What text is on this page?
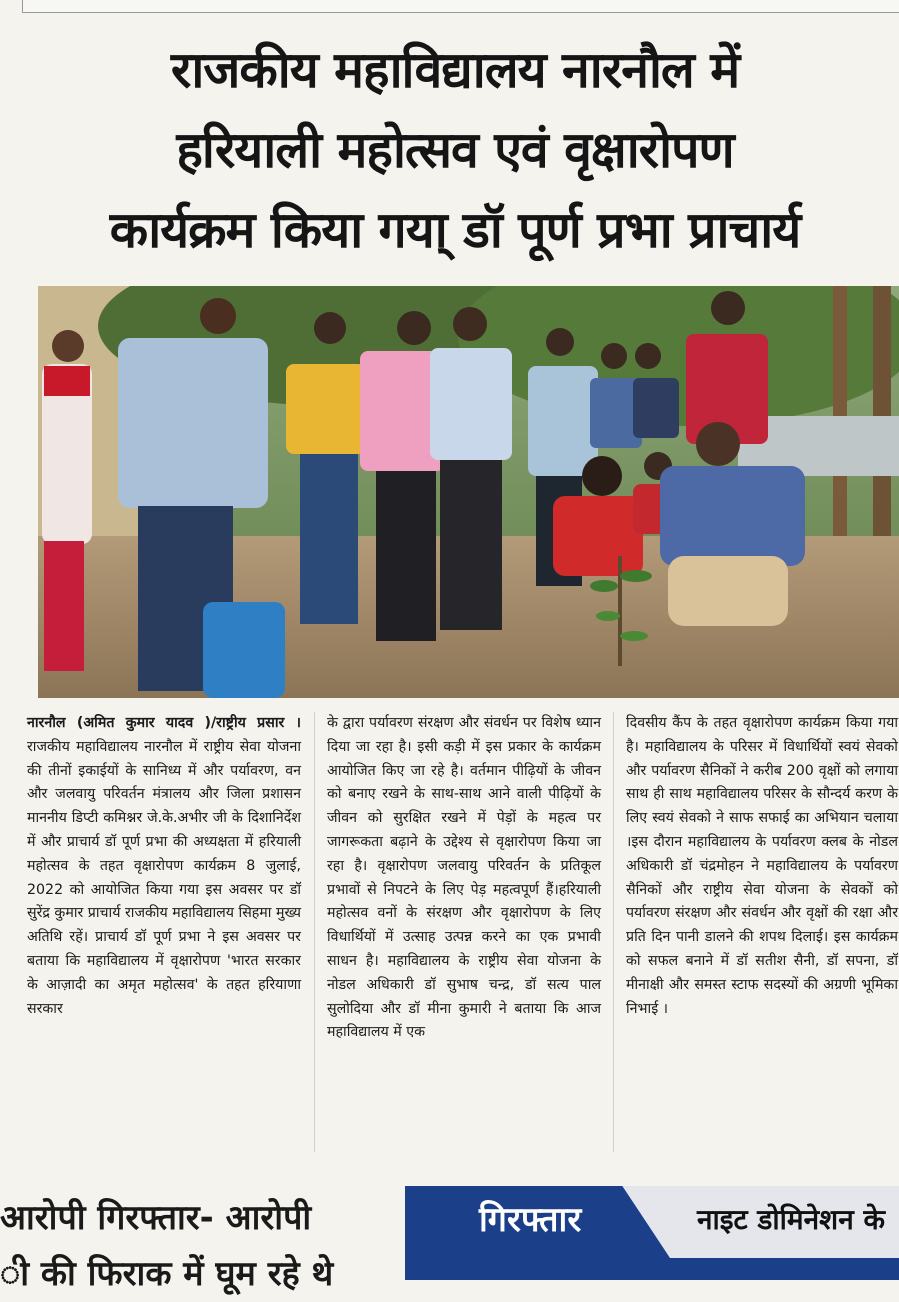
राजकीय महाविद्यालय नारनौल में
हरियाली महोत्सव एवं वृक्षारोपण
कार्यक्रम किया गया् डॉ पूर्ण प्रभा प्राचार्य
नारनौल (अमित कुमार यादव )/राष्ट्रीय प्रसार ।राजकीय महाविद्यालय नारनौल में राष्ट्रीय सेवा योजना की तीनों इकाईयों के सानिध्य में और पर्यावरण, वन और जलवायु परिवर्तन मंत्रालय और जिला प्रशासन माननीय डिप्टी कमिश्नर जे.के.अभीर जी के दिशानिर्देश में और प्राचार्य डॉ पूर्ण प्रभा की अध्यक्षता में हरियाली महोत्सव के तहत वृक्षारोपण कार्यक्रम 8 जुलाई, 2022 को आयोजित किया गया इस अवसर पर डॉ सुरेंद्र कुमार प्राचार्य राजकीय महाविद्यालय सिहमा मुख्य अतिथि रहें। प्राचार्य डॉ पूर्ण प्रभा ने इस अवसर पर बताया कि महाविद्यालय में वृक्षारोपण 'भारत सरकार के आज़ादी का अमृत महोत्सव' के तहत हरियाणा सरकार
के द्वारा पर्यावरण संरक्षण और संवर्धन पर विशेष ध्यान दिया जा रहा है। इसी कड़ी में इस प्रकार के कार्यक्रम आयोजित किए जा रहे है। वर्तमान पीढ़ियों के जीवन को बनाए रखने के साथ-साथ आने वाली पीढ़ियों के जीवन को सुरक्षित रखने में पेड़ों के महत्व पर जागरूकता बढ़ाने के उद्देश्य से वृक्षारोपण किया जा रहा है। वृक्षारोपण जलवायु परिवर्तन के प्रतिकूल प्रभावों से निपटने के लिए पेड़ महत्वपूर्ण हैं।हरियाली महोत्सव वनों के संरक्षण और वृक्षारोपण के लिए विधार्थियों में उत्साह उत्पन्न करने का एक प्रभावी साधन है। महाविद्यालय के राष्ट्रीय सेवा योजना के नोडल अधिकारी डॉ सुभाष चन्द्र, डॉ सत्य पाल सुलोदिया और डॉ मीना कुमारी ने बताया कि आज महाविद्यालय में एक
दिवसीय कैंप के तहत वृक्षारोपण कार्यक्रम किया गया है। महाविद्यालय के परिसर में विधार्थियों स्वयं सेवको और पर्यावरण सैनिकों ने करीब 200 वृक्षों को लगाया साथ ही साथ महाविद्यालय परिसर के सौन्दर्य करण के लिए स्वयं सेवको ने साफ सफाई का अभियान चलाया ।इस दौरान महाविद्यालय के पर्यावरण क्लब के नोडल अधिकारी डॉ चंद्रमोहन ने महाविद्यालय के पर्यावरण सैनिकों और राष्ट्रीय सेवा योजना के सेवकों को पर्यावरण संरक्षण और संवर्धन और वृक्षों की रक्षा और प्रति दिन पानी डालने की शपथ दिलाई। इस कार्यक्रम को सफल बनाने में डॉ सतीश सैनी, डॉ सपना, डॉ मीनाक्षी और समस्त स्टाफ सदस्यों की अग्रणी भूमिका निभाई ।
आरोपी गिरफ्तार- आरोपी
ी की फिराक में घूम रहे थे
गिरफ्तार	नाइट डोमिनेशन के
